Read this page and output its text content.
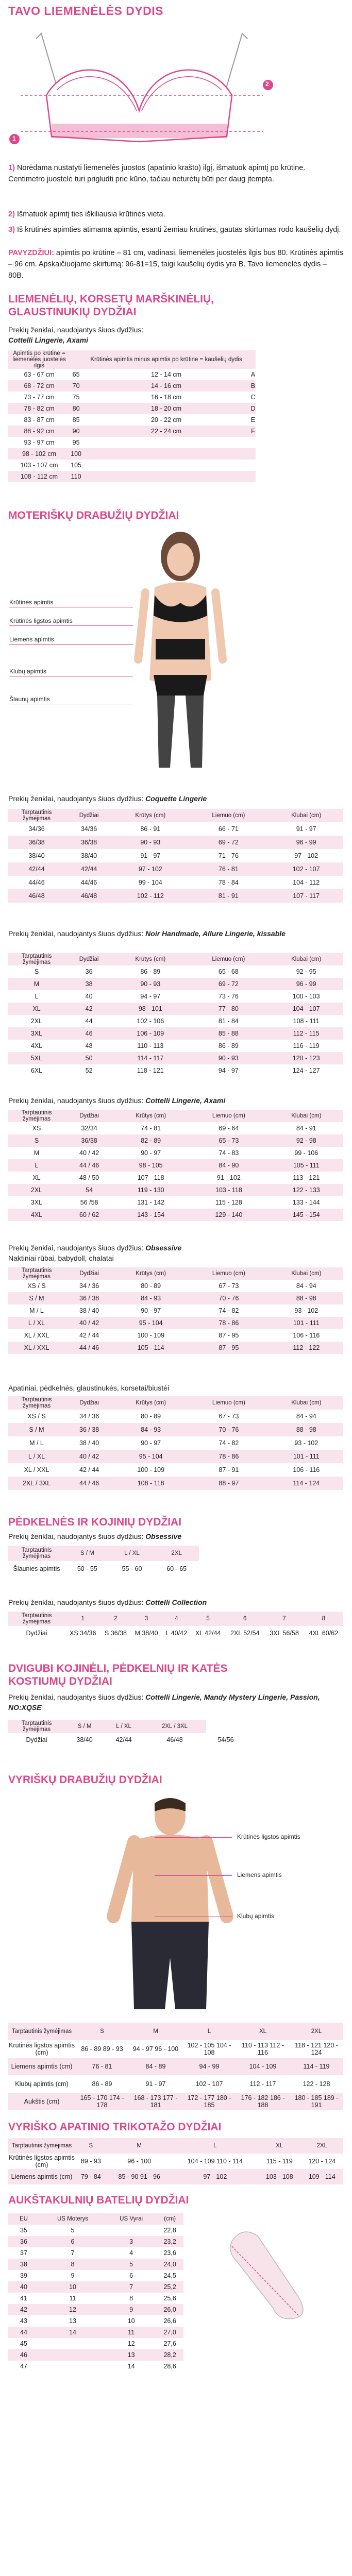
TAVO LIEMENĖLĖS DYDIS
2
1
1) Norėdama nustatyti liemenėlės juostos (apatinio krašto) ilgį, išmatuok apimtį po krūtine. Centimetro juostelė turi prigludti prie kūno, tačiau neturėtų būti per daug įtempta.
2) Išmatuok apimtį ties iškiliausia krūtinės vieta.
3) Iš krūtinės apimties atimama apimtis, esanti žemiau krūtinės, gautas skirtumas rodo kaušelių dydį.
PAVYZDŽIUI: apimtis po krūtine – 81 cm, vadinasi, liemenėlės juostelės ilgis bus 80. Krūtinės apimtis – 96 cm. Apskaičiuojame skirtumą: 96-81=15, taigi kaušelių dydis yra B. Tavo liemenėlės dydis – 80B.
LIEMENĖLIŲ, KORSETŲ MARŠKINĖLIŲ, GLAUSTINUKIŲ DYDŽIAI
Prekių ženklai, naudojantys šiuos dydžius:
Cottelli Lingerie, Axami
Apimtis po krūtine = liemenėlės juostelės ilgis		Krūtinės apimtis minus apimtis po krūtine = kaušelių dydis	
63 - 67 cm	65	12 - 14 cm	A
68 - 72 cm	70	14 - 16 cm	B
73 - 77 cm	75	16 - 18 cm	C
78 - 82 cm	80	18 - 20 cm	D
83 - 87 cm	85	20 - 22 cm	E
88 - 92 cm	90	22 - 24 cm	F
93 - 97 cm	95		
98 - 102 cm	100		
103 - 107 cm	105		
108 - 112 cm	110		
MOTERIŠKŲ DRABUŽIŲ DYDŽIAI
Krūtinės apimtis
Krūtinės ligstos apimtis
Liemens apimtis
Klubų apimtis
Šlaunų apimtis
Prekių ženklai, naudojantys šiuos dydžius: Coquette Lingerie
Tarptautinis žymėjimas	Dydžiai	Krūtys (cm)	Liemuo (cm)	Klubai (cm)
34/36	34/36	86 - 91	66 - 71	91 - 97
36/38	36/38	90 - 93	69 - 72	96 - 99
38/40	38/40	91 - 97	71 - 76	97 - 102
42/44	42/44	97 - 102	76 - 81	102 - 107
44/46	44/46	99 - 104	78 - 84	104 - 112
46/48	46/48	102 - 112	81 - 91	107 - 117
Prekių ženklai, naudojantys šiuos dydžius: Noir Handmade, Allure Lingerie, kissable
Tarptautinis žymėjimas	Dydžiai	Krūtys (cm)	Liemuo (cm)	Klubai (cm)
S	36	86 - 89	65 - 68	92 - 95
M	38	90 - 93	69 - 72	96 - 99
L	40	94 - 97	73 - 76	100 - 103
XL	42	98 - 101	77 - 80	104 - 107
2XL	44	102 - 106	81 - 84	108 - 111
3XL	46	106 - 109	85 - 88	112 - 115
4XL	48	110 - 113	86 - 89	116 - 119
5XL	50	114 - 117	90 - 93	120 - 123
6XL	52	118 - 121	94 - 97	124 - 127
Prekių ženklai, naudojantys šiuos dydžius: Cottelli Lingerie, Axami
Tarptautinis žymėjimas	Dydžiai	Krūtys (cm)	Liemuo (cm)	Klubai (cm)
XS	32/34	74 - 81	69 - 64	84 - 91
S	36/38	82 - 89	65 - 73	92 - 98
M	40 / 42	90 - 97	74 - 83	99 - 106
L	44 / 46	98 - 105	84 - 90	105 - 111
XL	48 / 50	107 - 118	91 - 102	113 - 121
2XL	54	119 - 130	103 - 118	122 - 133
3XL	56 /58	131 - 142	115 - 128	133 - 144
4XL	60 / 62	143 - 154	129 - 140	145 - 154
Prekių ženklai, naudojantys šiuos dydžius: Obsessive
Naktiniai rūbai, babydoll, chalatai
Tarptautinis žymėjimas	Dydžiai	Krūtys (cm)	Liemuo (cm)	Klubai (cm)
XS / S	34 / 36	80 - 89	67 - 73	84 - 94
S / M	36 / 38	84 - 93	70 - 76	88 - 98
M / L	38 / 40	90 - 97	74 - 82	93 - 102
L / XL	40 / 42	95 - 104	78 - 86	101 - 111
XL / XXL	42 / 44	100 - 109	87 - 95	106 - 116
XL / XXL	44 / 46	105 - 114	87 - 95	112 - 122
Apatiniai, pėdkelnės, glaustinukės, korsetai/biustėi
Tarptautinis žymėjimas	Dydžiai	Krūtys (cm)	Liemuo (cm)	Klubai (cm)
XS / S	34 / 36	80 - 89	67 - 73	84 - 94
S / M	36 / 38	84 - 93	70 - 76	88 - 98
M / L	38 / 40	90 - 97	74 - 82	93 - 102
L / XL	40 / 42	95 - 104	78 - 86	101 - 111
XL / XXL	42 / 44	100 - 109	87 - 91	106 - 116
2XL / 3XL	44 / 46	108 - 118	88 - 97	114 - 124
PĖDKELNĖS IR KOJINIŲ DYDŽIAI
Prekių ženklai, naudojantys šiuos dydžius: Obsessive
Tarptautinis žymėjimas	S / M	L / XL	2XL
Šlaunies apimtis	50 - 55	55 - 60	60 - 65
Prekių ženklai, naudojantys šiuos dydžius: Cottelli Collection
Tarptautinis žymėjimas	1	2	3	4	5	6	7	8
Dydžiai	XS 34/36	S 36/38	M 38/40	L 40/42	XL 42/44	2XL 52/54	3XL 56/58	4XL 60/62
DVIGUBI KOJINĖLI, PĖDKELNIŲ IR KATĖS KOSTIUMŲ DYDŽIAI
Prekių ženklai, naudojantys šiuos dydžius: Cottelli Lingerie, Mandy Mystery Lingerie, Passion, NO:XQSE
Tarptautinis žymėjimas	S / M	L / XL	2XL / 3XL	
Dydžiai	38/40	42/44	46/48	54/56
VYRIŠKŲ DRABUŽIŲ DYDŽIAI
Krūtinės ligstos apimtis
Liemens apimtis
Klubų apimtis
Tarptautinis žymėjimas	S	M	L	XL	2XL
Krūtinės ligstos apimtis (cm)	86 - 89 89 - 93	94 - 97 96 - 100	102 - 105 104 - 108	110 - 113 112 - 116	118 - 121 120 - 124
Liemens apimtis (cm)	76 - 81	84 - 89	94 - 99	104 - 109	114 - 119
Klubų apimtis (cm)	86 - 89	91 - 97	102 - 107	112 - 117	122 - 128
Aukštis (cm)	165 - 170 174 - 178	168 - 173 177 - 181	172 - 177 180 - 185	176 - 182 186 - 188	180 - 185 189 - 191
VYRIŠKO APATINIO TRIKOTAŽO DYDŽIAI
Tarptautinis žymėjimas	S	M	L	XL	2XL
Krūtinės ligstos apimtis (cm)	89 - 93	96 - 100	104 - 109 110 - 114	115 - 119	120 - 124
Liemens apimtis (cm)	79 - 84	85 - 90 91 - 96	97 - 102	103 - 108	109 - 114
AUKŠTAKULNIŲ BATELIŲ DYDŽIAI
EU	US Moterys	US Vyrai	(cm)
35	5		22,8
36	6	3	23,2
37	7	4	23,6
38	8	5	24,0
39	9	6	24,5
40	10	7	25,2
41	11	8	25,6
42	12	9	26,0
43	13	10	26,6
44	14	11	27,0
45		12	27,6
46		13	28,2
47		14	28,6
